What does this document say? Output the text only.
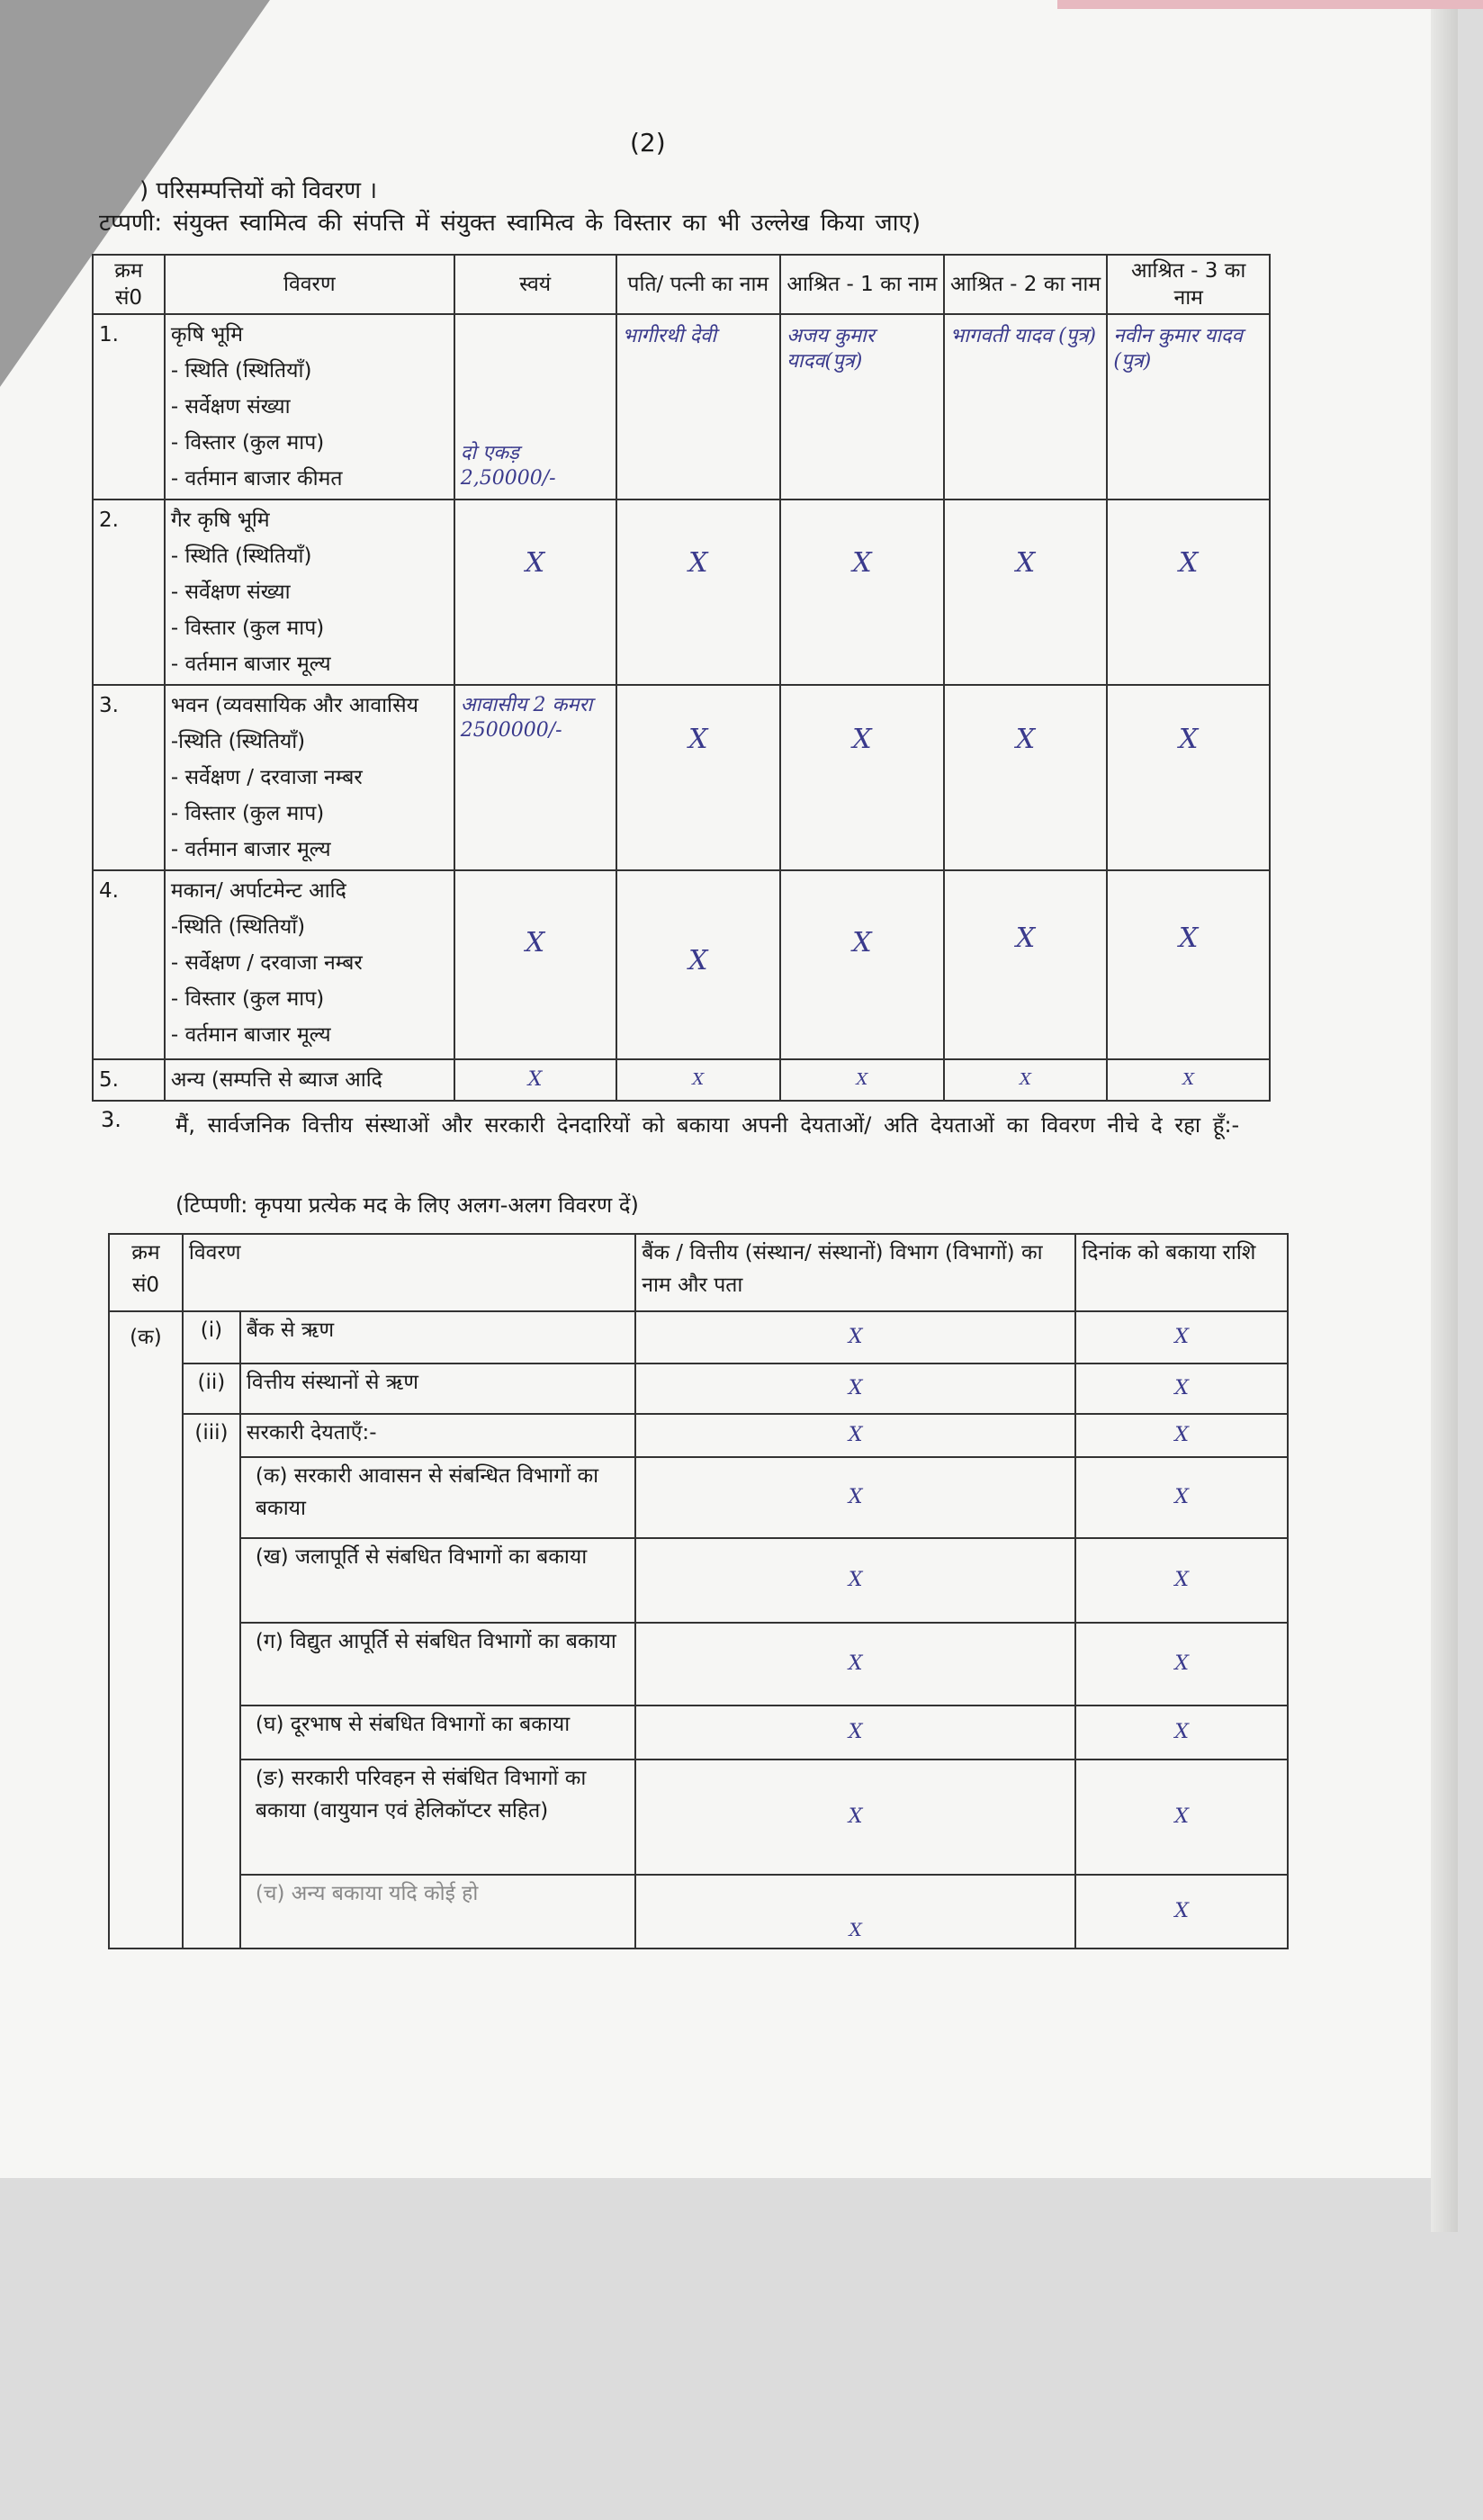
(2)
) परिसम्पत्तियों को विवरण ।
टप्पणी: संयुक्त स्वामित्व की संपत्ति में संयुक्त स्वामित्व के विस्तार का भी उल्लेख किया जाए)
क्रम सं0	विवरण	स्वयं	पति/ पत्नी का नाम	आश्रित - 1 का नाम	आश्रित - 2 का नाम	आश्रित - 3 का नाम
1.	कृषि भूमि
- स्थिति (स्थितियाँ)
- सर्वेक्षण संख्या
- विस्तार (कुल माप)
- वर्तमान बाजार कीमत	दो एकड़ 2,50000/-	भागीरथी देवी	अजय कुमार यादव(पुत्र)	भागवती यादव (पुत्र)	नवीन कुमार यादव (पुत्र)
2.	गैर कृषि भूमि
- स्थिति (स्थितियाँ)
- सर्वेक्षण संख्या
- विस्तार (कुल माप)
- वर्तमान बाजार मूल्य	X	X	X	X	X
3.	भवन (व्यवसायिक और आवासिय
-स्थिति (स्थितियाँ)
- सर्वेक्षण / दरवाजा नम्बर
- विस्तार (कुल माप)
- वर्तमान बाजार मूल्य	आवासीय 2 कमरा 2500000/-	X	X	X	X
4.	मकान/ अर्पाटमेन्ट आदि
-स्थिति (स्थितियाँ)
- सर्वेक्षण / दरवाजा नम्बर
- विस्तार (कुल माप)
- वर्तमान बाजार मूल्य	X	X	X	X	X
5.	अन्य (सम्पत्ति से ब्याज आदि	X	X	X	X	X
3.	मैं, सार्वजनिक वित्तीय संस्थाओं और सरकारी देनदारियों को बकाया अपनी देयताओं/ अति देयताओं का विवरण नीचे दे रहा हूँ:-
(टिप्पणी: कृपया प्रत्येक मद के लिए अलग-अलग विवरण दें)
क्रम सं0	विवरण		बैंक / वित्तीय (संस्थान/ संस्थानों) विभाग (विभागों) का नाम और पता	दिनांक को बकाया राशि
(क)	(i)	बैंक से ऋण	X	X
	(ii)	वित्तीय संस्थानों से ऋण	X	X
	(iii)	सरकारी देयताएँ:-	X	X
		(क) सरकारी आवासन से संबन्धित विभागों का बकाया	X	X
		(ख) जलापूर्ति से संबधित विभागों का बकाया	X	X
		(ग) विद्युत आपूर्ति से संबधित विभागों का बकाया	X	X
		(घ) दूरभाष से संबधित विभागों का बकाया	X	X
		(ङ) सरकारी परिवहन से संबंधित विभागों का बकाया (वायुयान एवं हेलिकॉप्टर सहित)	X	X
		(च) अन्य बकाया यदि कोई हो	X	X
